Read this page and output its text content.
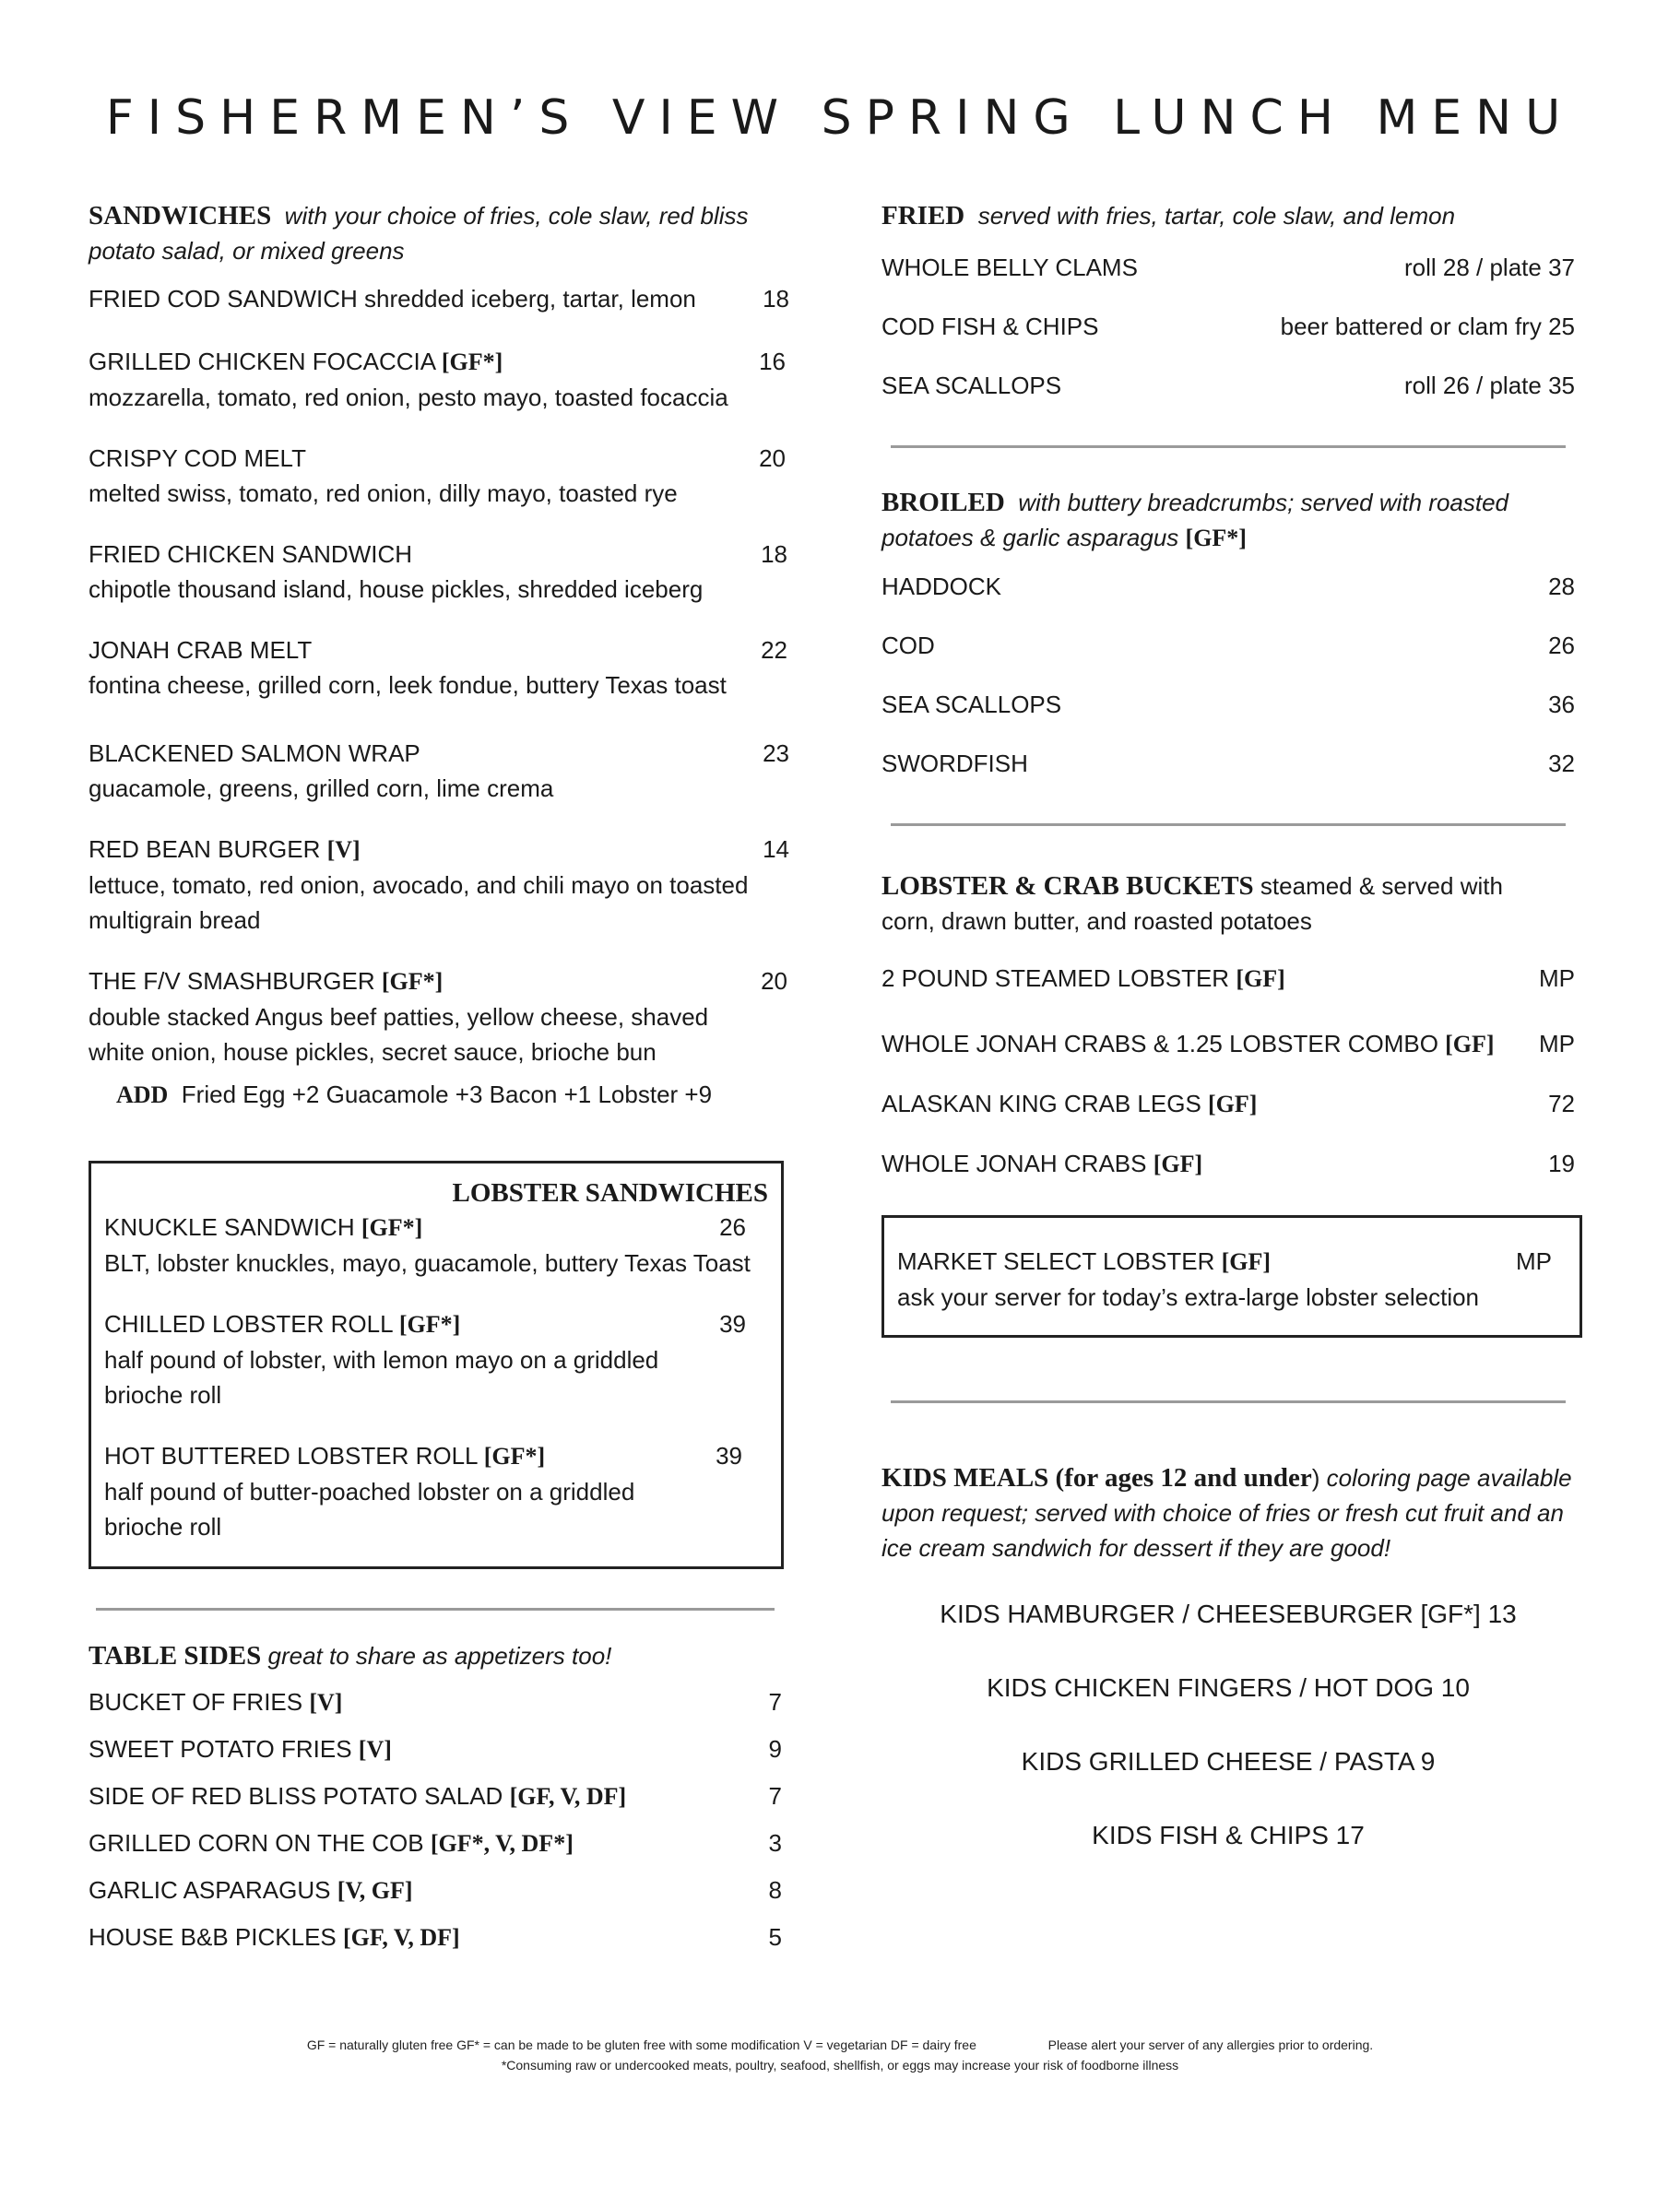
FISHERMEN’S VIEW SPRING LUNCH MENU
SANDWICHES with your choice of fries, cole slaw, red bliss potato salad, or mixed greens
FRIED COD SANDWICH shredded iceberg, tartar, lemon	18
GRILLED CHICKEN FOCACCIA [GF*]	16
mozzarella, tomato, red onion, pesto mayo, toasted focaccia
CRISPY COD MELT	20
melted swiss, tomato, red onion, dilly mayo, toasted rye
FRIED CHICKEN SANDWICH	18
chipotle thousand island, house pickles, shredded iceberg
JONAH CRAB MELT	22
fontina cheese, grilled corn, leek fondue, buttery Texas toast
BLACKENED SALMON WRAP	23
guacamole, greens, grilled corn, lime crema
RED BEAN BURGER [V]	14
lettuce, tomato, red onion, avocado, and chili mayo on toasted multigrain bread
THE F/V SMASHBURGER [GF*]	20
double stacked Angus beef patties, yellow cheese, shaved white onion, house pickles, secret sauce, brioche bun
ADD Fried Egg +2 Guacamole +3 Bacon +1 Lobster +9
LOBSTER SANDWICHES
KNUCKLE SANDWICH [GF*]	26
BLT, lobster knuckles, mayo, guacamole, buttery Texas Toast
CHILLED LOBSTER ROLL [GF*]	39
half pound of lobster, with lemon mayo on a griddled brioche roll
HOT BUTTERED LOBSTER ROLL [GF*]	39
half pound of butter-poached lobster on a griddled brioche roll
TABLE SIDES great to share as appetizers too!
BUCKET OF FRIES [V]	7
SWEET POTATO FRIES [V]	9
SIDE OF RED BLISS POTATO SALAD [GF, V, DF]	7
GRILLED CORN ON THE COB [GF*, V, DF*]	3
GARLIC ASPARAGUS [V, GF]	8
HOUSE B&B PICKLES [GF, V, DF]	5
FRIED served with fries, tartar, cole slaw, and lemon
WHOLE BELLY CLAMS	roll 28 / plate 37
COD FISH & CHIPS	beer battered or clam fry 25
SEA SCALLOPS	roll 26 / plate 35
BROILED with buttery breadcrumbs; served with roasted potatoes & garlic asparagus [GF*]
HADDOCK	28
COD	26
SEA SCALLOPS	36
SWORDFISH	32
LOBSTER & CRAB BUCKETS steamed & served with corn, drawn butter, and roasted potatoes
2 POUND STEAMED LOBSTER [GF]	MP
WHOLE JONAH CRABS & 1.25 LOBSTER COMBO [GF] MP
ALASKAN KING CRAB LEGS [GF]	72
WHOLE JONAH CRABS [GF]	19
MARKET SELECT LOBSTER [GF]	MP
ask your server for today’s extra-large lobster selection
KIDS MEALS (for ages 12 and under) coloring page available upon request; served with choice of fries or fresh cut fruit and an ice cream sandwich for dessert if they are good!
KIDS HAMBURGER / CHEESEBURGER [GF*] 13
KIDS CHICKEN FINGERS / HOT DOG 10
KIDS GRILLED CHEESE / PASTA 9
KIDS FISH & CHIPS 17
GF = naturally gluten free GF* = can be made to be gluten free with some modification V = vegetarian DF = dairy free	Please alert your server of any allergies prior to ordering.
*Consuming raw or undercooked meats, poultry, seafood, shellfish, or eggs may increase your risk of foodborne illness
